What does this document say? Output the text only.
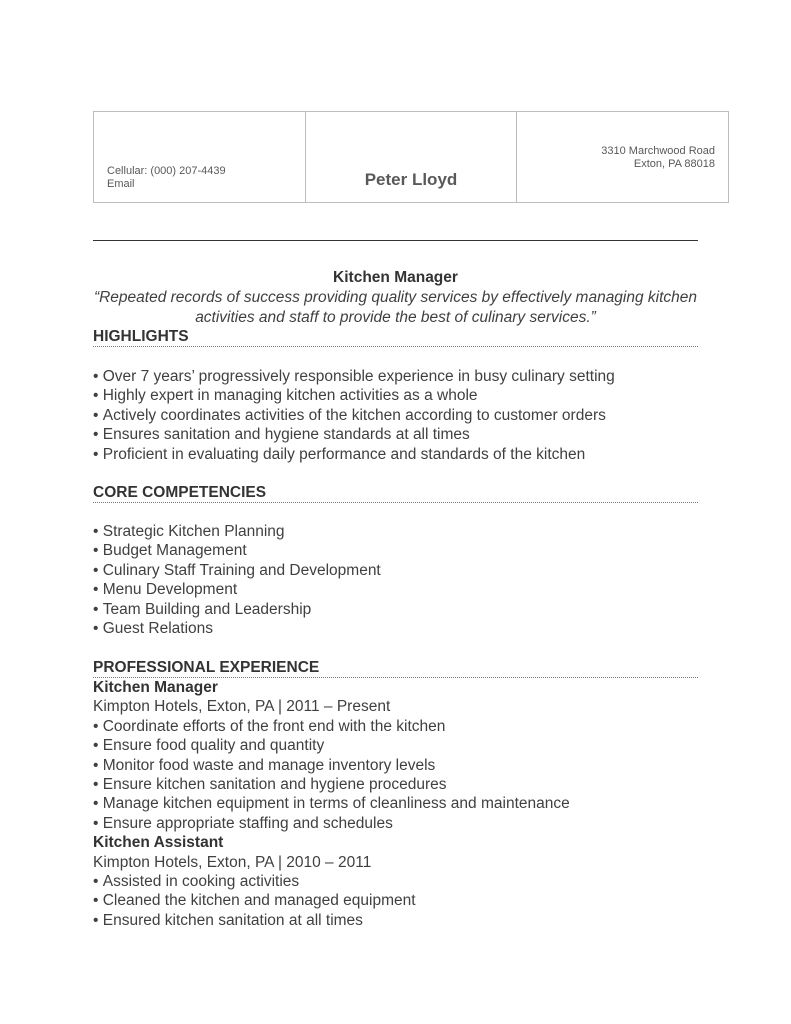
Cellular: (000) 207-4439
Email	Peter Lloyd
3310 Marchwood Road
Exton, PA 88018
Kitchen Manager
“Repeated records of success providing quality services by effectively managing kitchen activities and staff to provide the best of culinary services.”
HIGHLIGHTS
• Over 7 years’ progressively responsible experience in busy culinary setting
• Highly expert in managing kitchen activities as a whole
• Actively coordinates activities of the kitchen according to customer orders
• Ensures sanitation and hygiene standards at all times
• Proficient in evaluating daily performance and standards of the kitchen
CORE COMPETENCIES
• Strategic Kitchen Planning
• Budget Management
• Culinary Staff Training and Development
• Menu Development
• Team Building and Leadership
• Guest Relations
PROFESSIONAL EXPERIENCE
Kitchen Manager
Kimpton Hotels, Exton, PA | 2011 – Present
• Coordinate efforts of the front end with the kitchen
• Ensure food quality and quantity
• Monitor food waste and manage inventory levels
• Ensure kitchen sanitation and hygiene procedures
• Manage kitchen equipment in terms of cleanliness and maintenance
• Ensure appropriate staffing and schedules
Kitchen Assistant
Kimpton Hotels, Exton, PA | 2010 – 2011
• Assisted in cooking activities
• Cleaned the kitchen and managed equipment
• Ensured kitchen sanitation at all times
